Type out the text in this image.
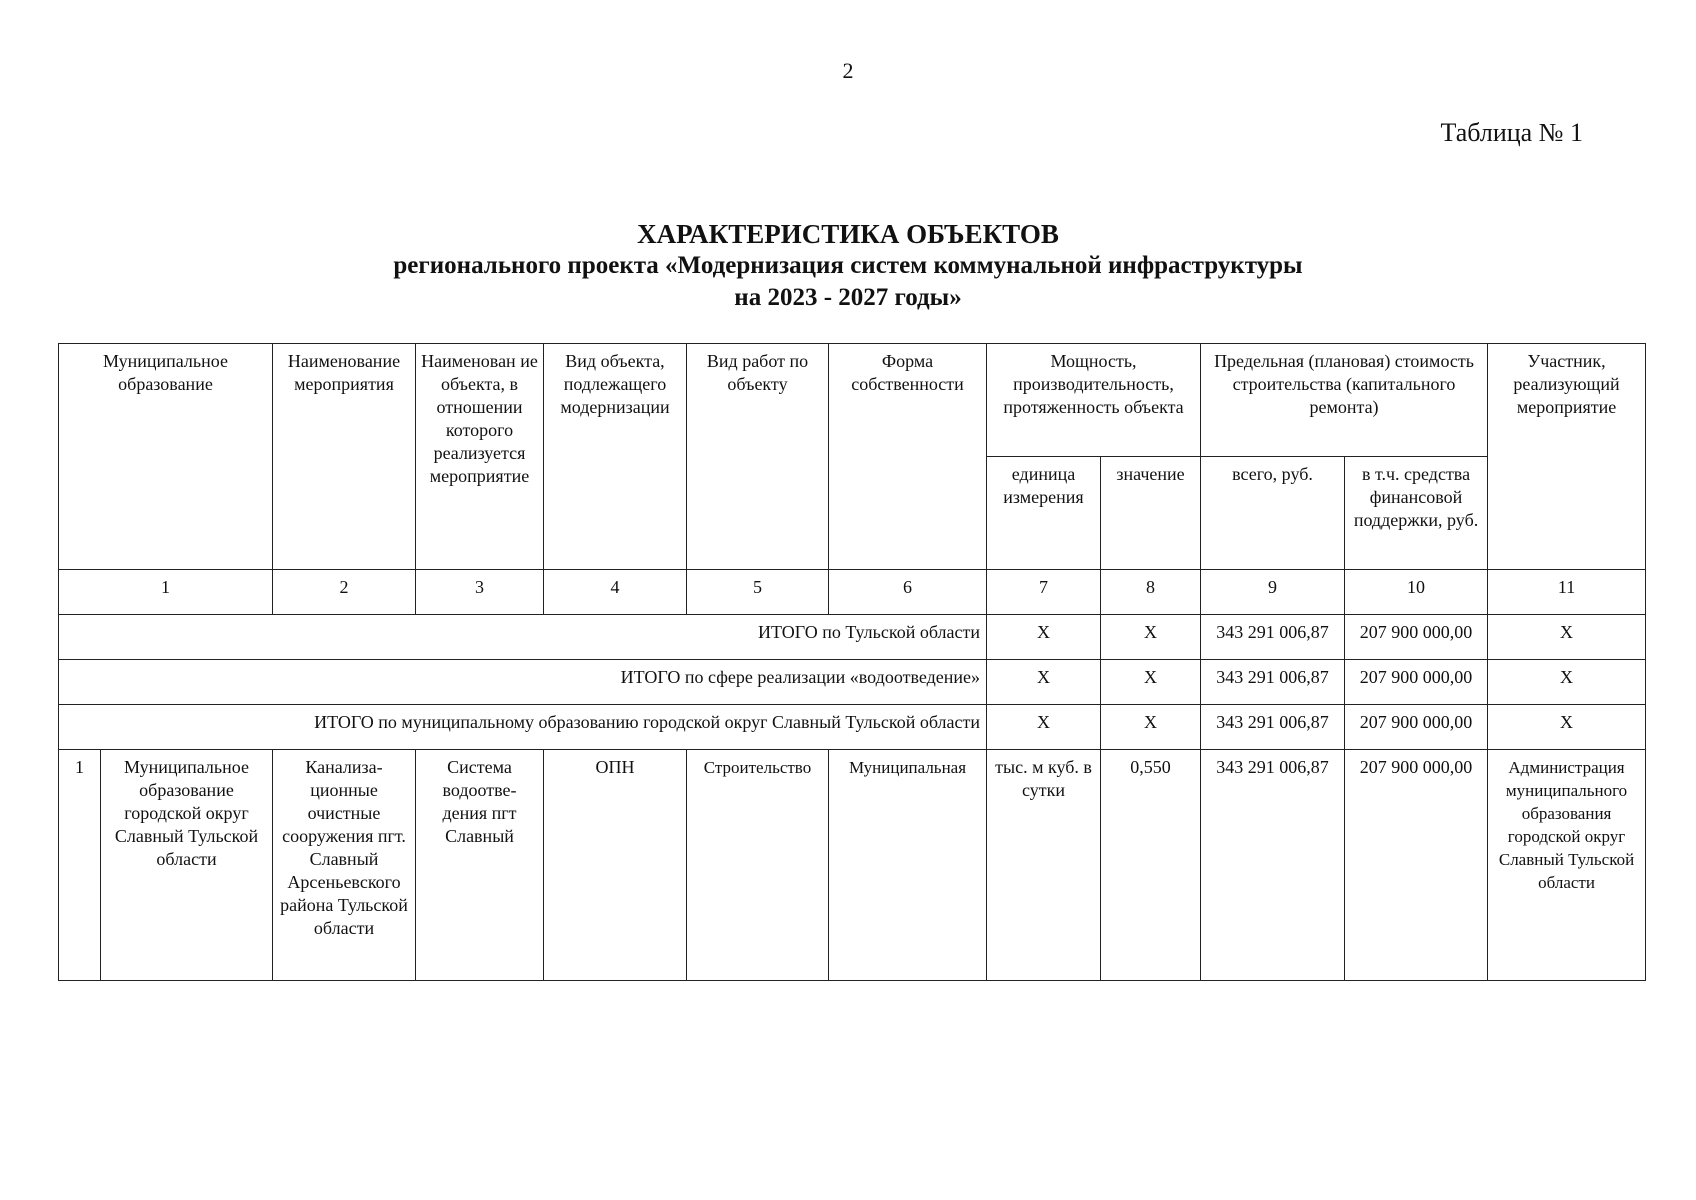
2
Таблица № 1
ХАРАКТЕРИСТИКА ОБЪЕКТОВ
регионального проекта «Модернизация систем коммунальной инфраструктуры
на 2023 - 2027 годы»
Муниципальное образование		Наименование мероприятия	Наименован ие объекта, в отношении которого реализуется мероприятие	Вид объекта, подлежащего модернизации	Вид работ по объекту	Форма собственности	Мощность, производительность, протяженность объекта		Предельная (плановая) стоимость строительства (капитального ремонта)		Участник, реализующий мероприятие
							единица измерения	значение	всего, руб.	в т.ч. средства финансовой поддержки, руб.	
1		2	3	4	5	6	7	8	9	10	11
ИТОГО по Тульской области							Х	Х	343 291 006,87	207 900 000,00	Х
ИТОГО по сфере реализации «водоотведение»							Х	Х	343 291 006,87	207 900 000,00	Х
ИТОГО по муниципальному образованию городской округ Славный Тульской области							Х	Х	343 291 006,87	207 900 000,00	Х
1	Муниципальное образование городской округ Славный Тульской области	Канализа- ционные очистные сооружения пгт. Славный Арсеньевского района Тульской области	Система водоотве- дения пгт Славный	ОПН	Строительство	Муниципальная	тыс. м куб. в сутки	0,550	343 291 006,87	207 900 000,00	Администрация муниципального образования городской округ Славный Тульской области
